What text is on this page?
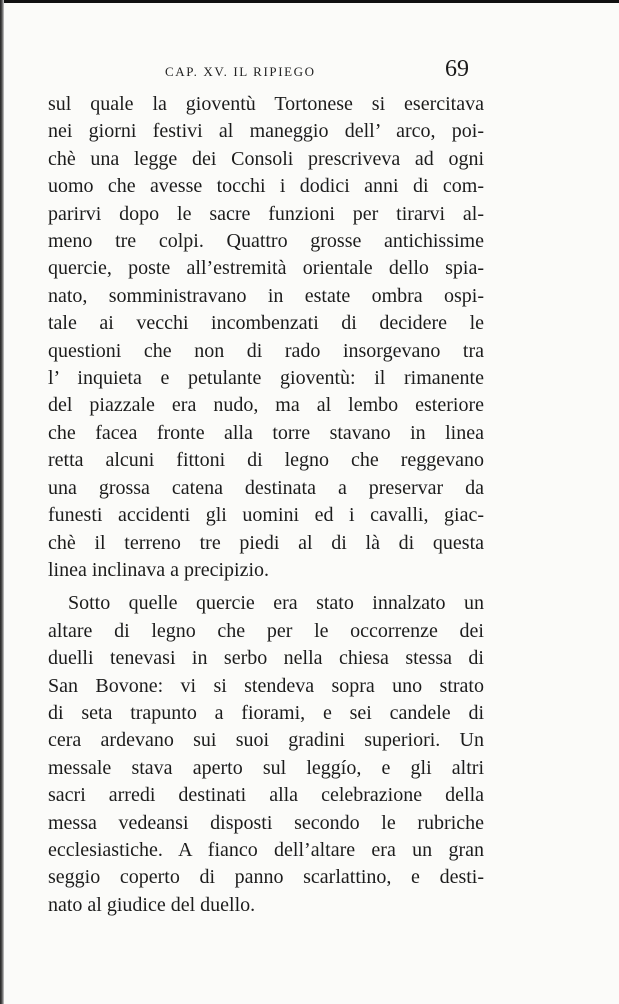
CAP. XV. IL RIPIEGO	69
sul quale la gioventù Tortonese si esercitava
nei giorni festivi al maneggio dell’ arco, poi-
chè una legge dei Consoli prescriveva ad ogni
uomo che avesse tocchi i dodici anni di com-
parirvi dopo le sacre funzioni per tirarvi al-
meno tre colpi. Quattro grosse antichissime
quercie, poste all’estremità orientale dello spia-
nato, somministravano in estate ombra ospi-
tale ai vecchi incombenzati di decidere le
questioni che non di rado insorgevano tra
l’ inquieta e petulante gioventù: il rimanente
del piazzale era nudo, ma al lembo esteriore
che facea fronte alla torre stavano in linea
retta alcuni fittoni di legno che reggevano
una grossa catena destinata a preservar da
funesti accidenti gli uomini ed i cavalli, giac-
chè il terreno tre piedi al di là di questa
linea inclinava a precipizio.
Sotto quelle quercie era stato innalzato un
altare di legno che per le occorrenze dei
duelli tenevasi in serbo nella chiesa stessa di
San Bovone: vi si stendeva sopra uno strato
di seta trapunto a fiorami, e sei candele di
cera ardevano sui suoi gradini superiori. Un
messale stava aperto sul leggío, e gli altri
sacri arredi destinati alla celebrazione della
messa vedeansi disposti secondo le rubriche
ecclesiastiche. A fianco dell’altare era un gran
seggio coperto di panno scarlattino, e desti-
nato al giudice del duello.
